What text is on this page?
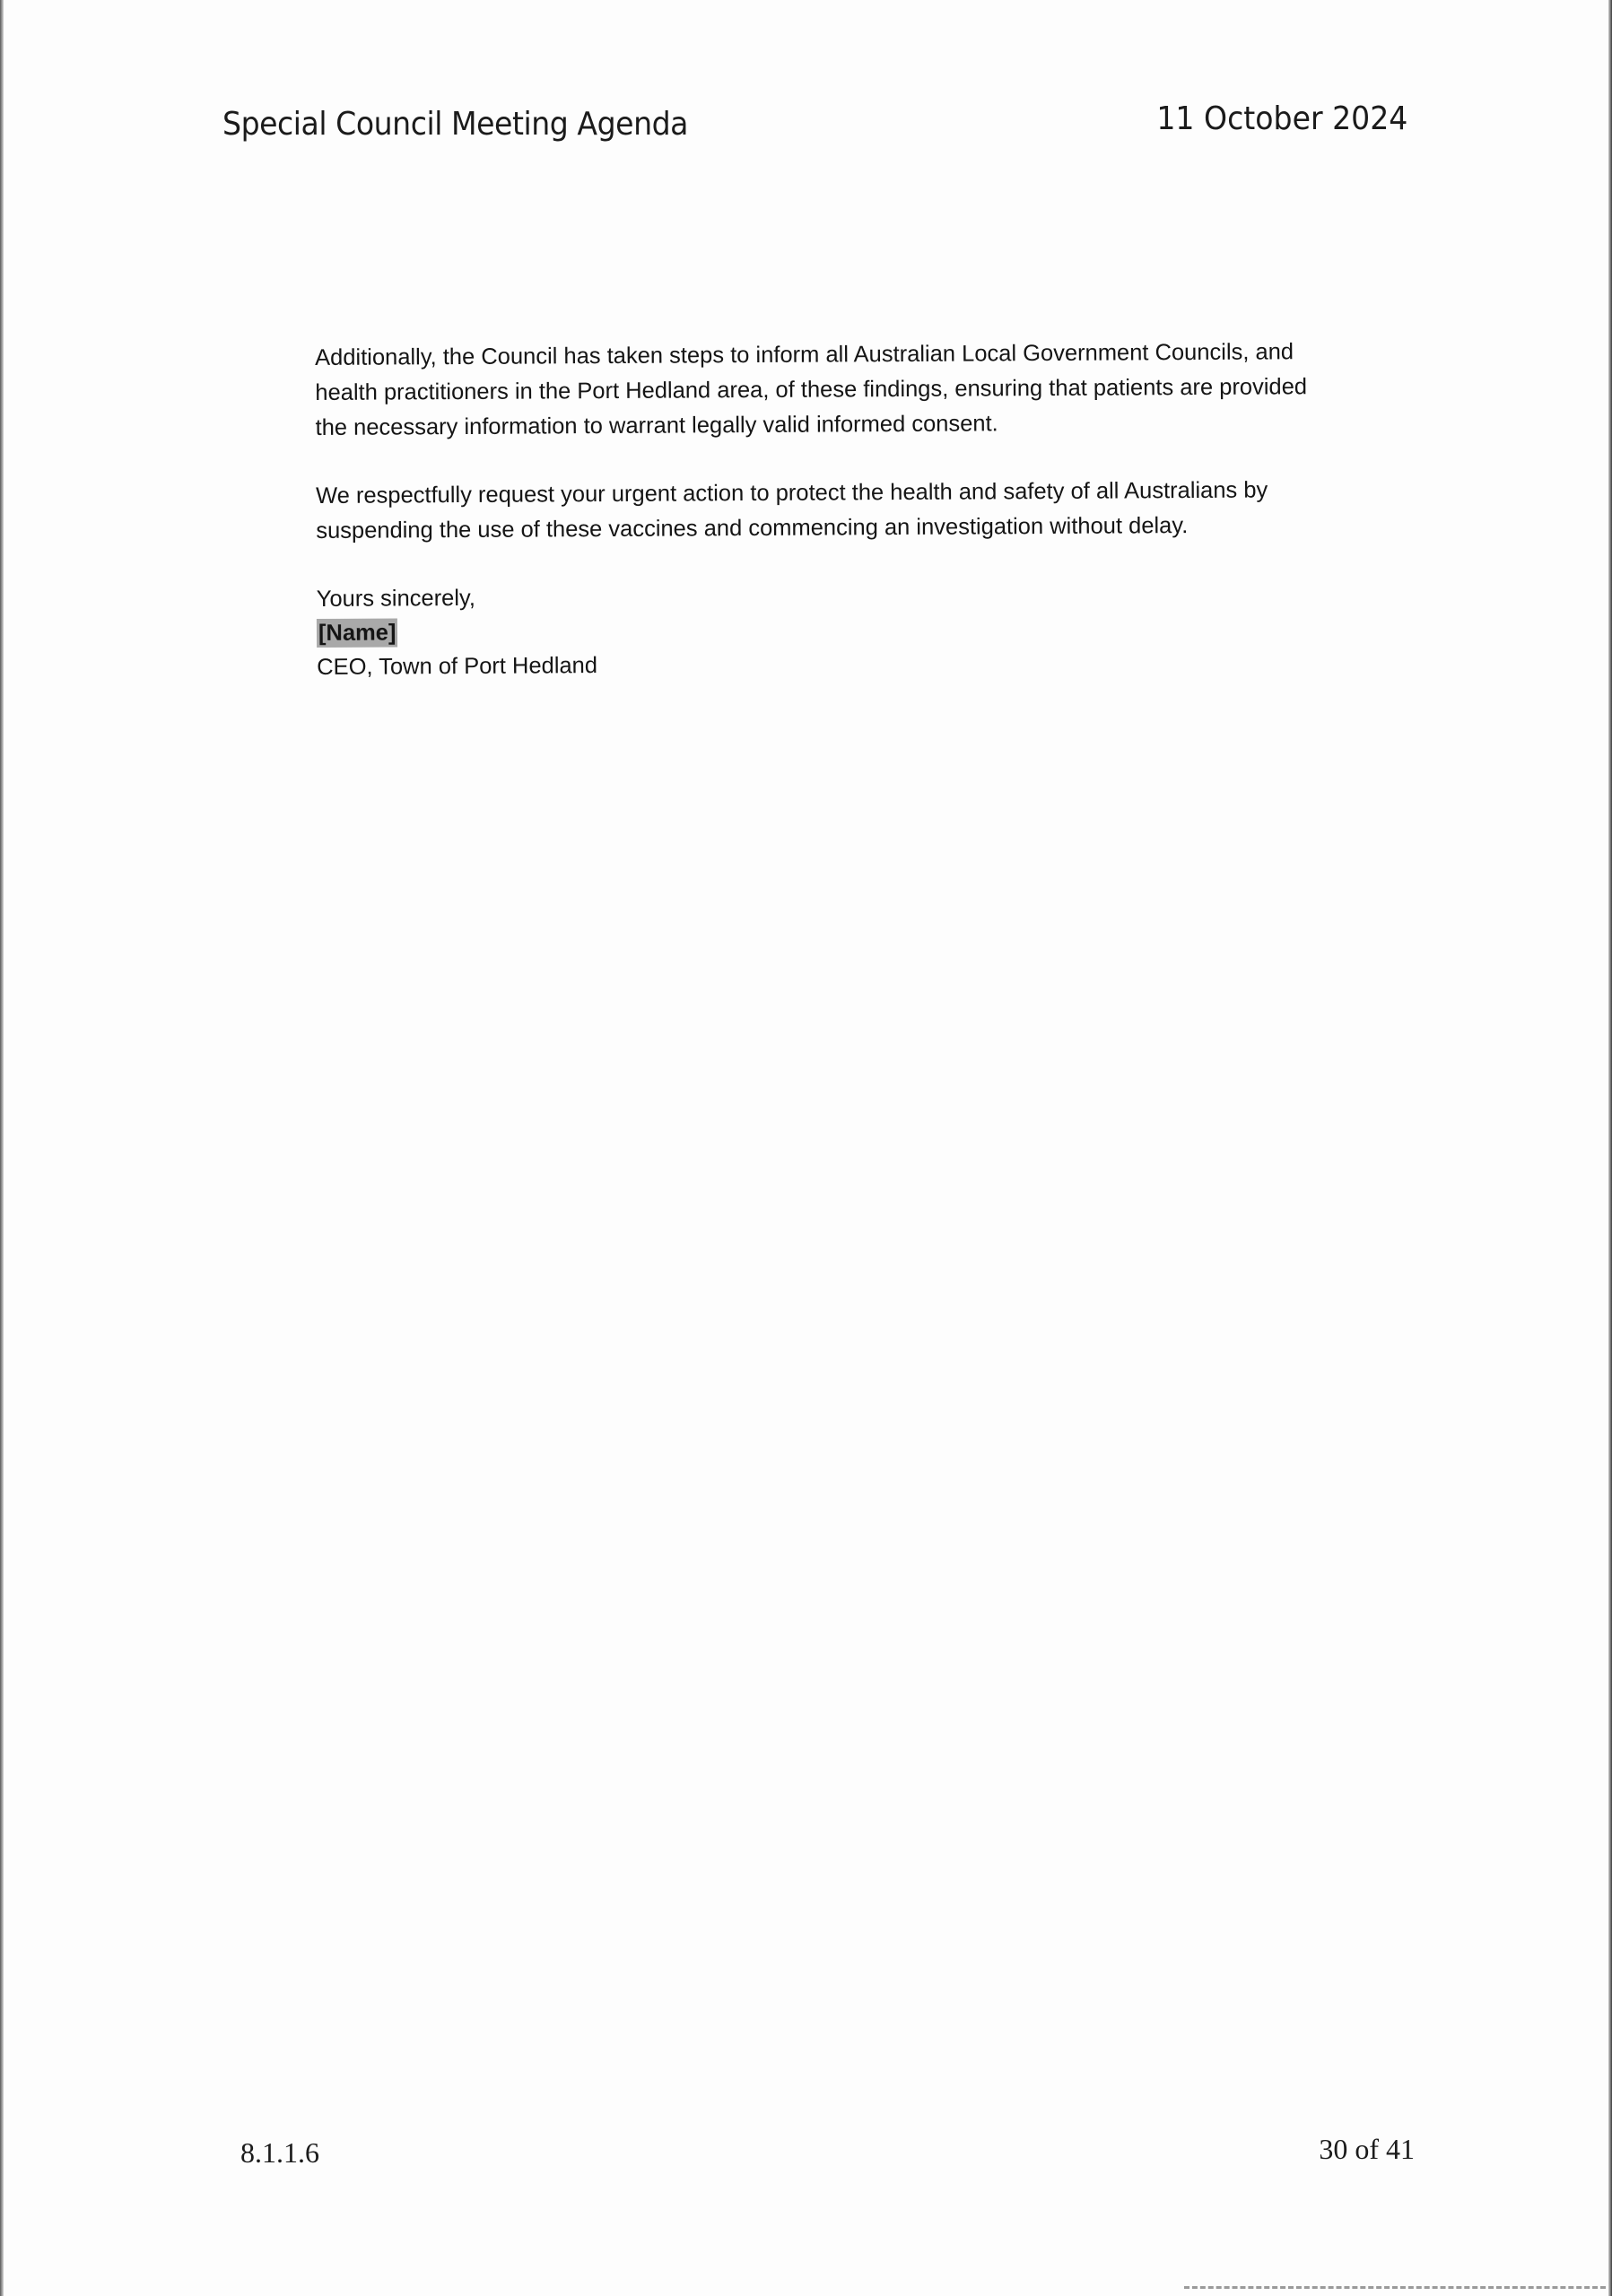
Special Council Meeting Agenda	11 October 2024

Additionally, the Council has taken steps to inform all Australian Local Government Councils, and health practitioners in the Port Hedland area, of these findings, ensuring that patients are provided the necessary information to warrant legally valid informed consent.

We respectfully request your urgent action to protect the health and safety of all Australians by suspending the use of these vaccines and commencing an investigation without delay.

Yours sincerely,
[Name]
CEO, Town of Port Hedland
8.1.1.6	30 of 41
